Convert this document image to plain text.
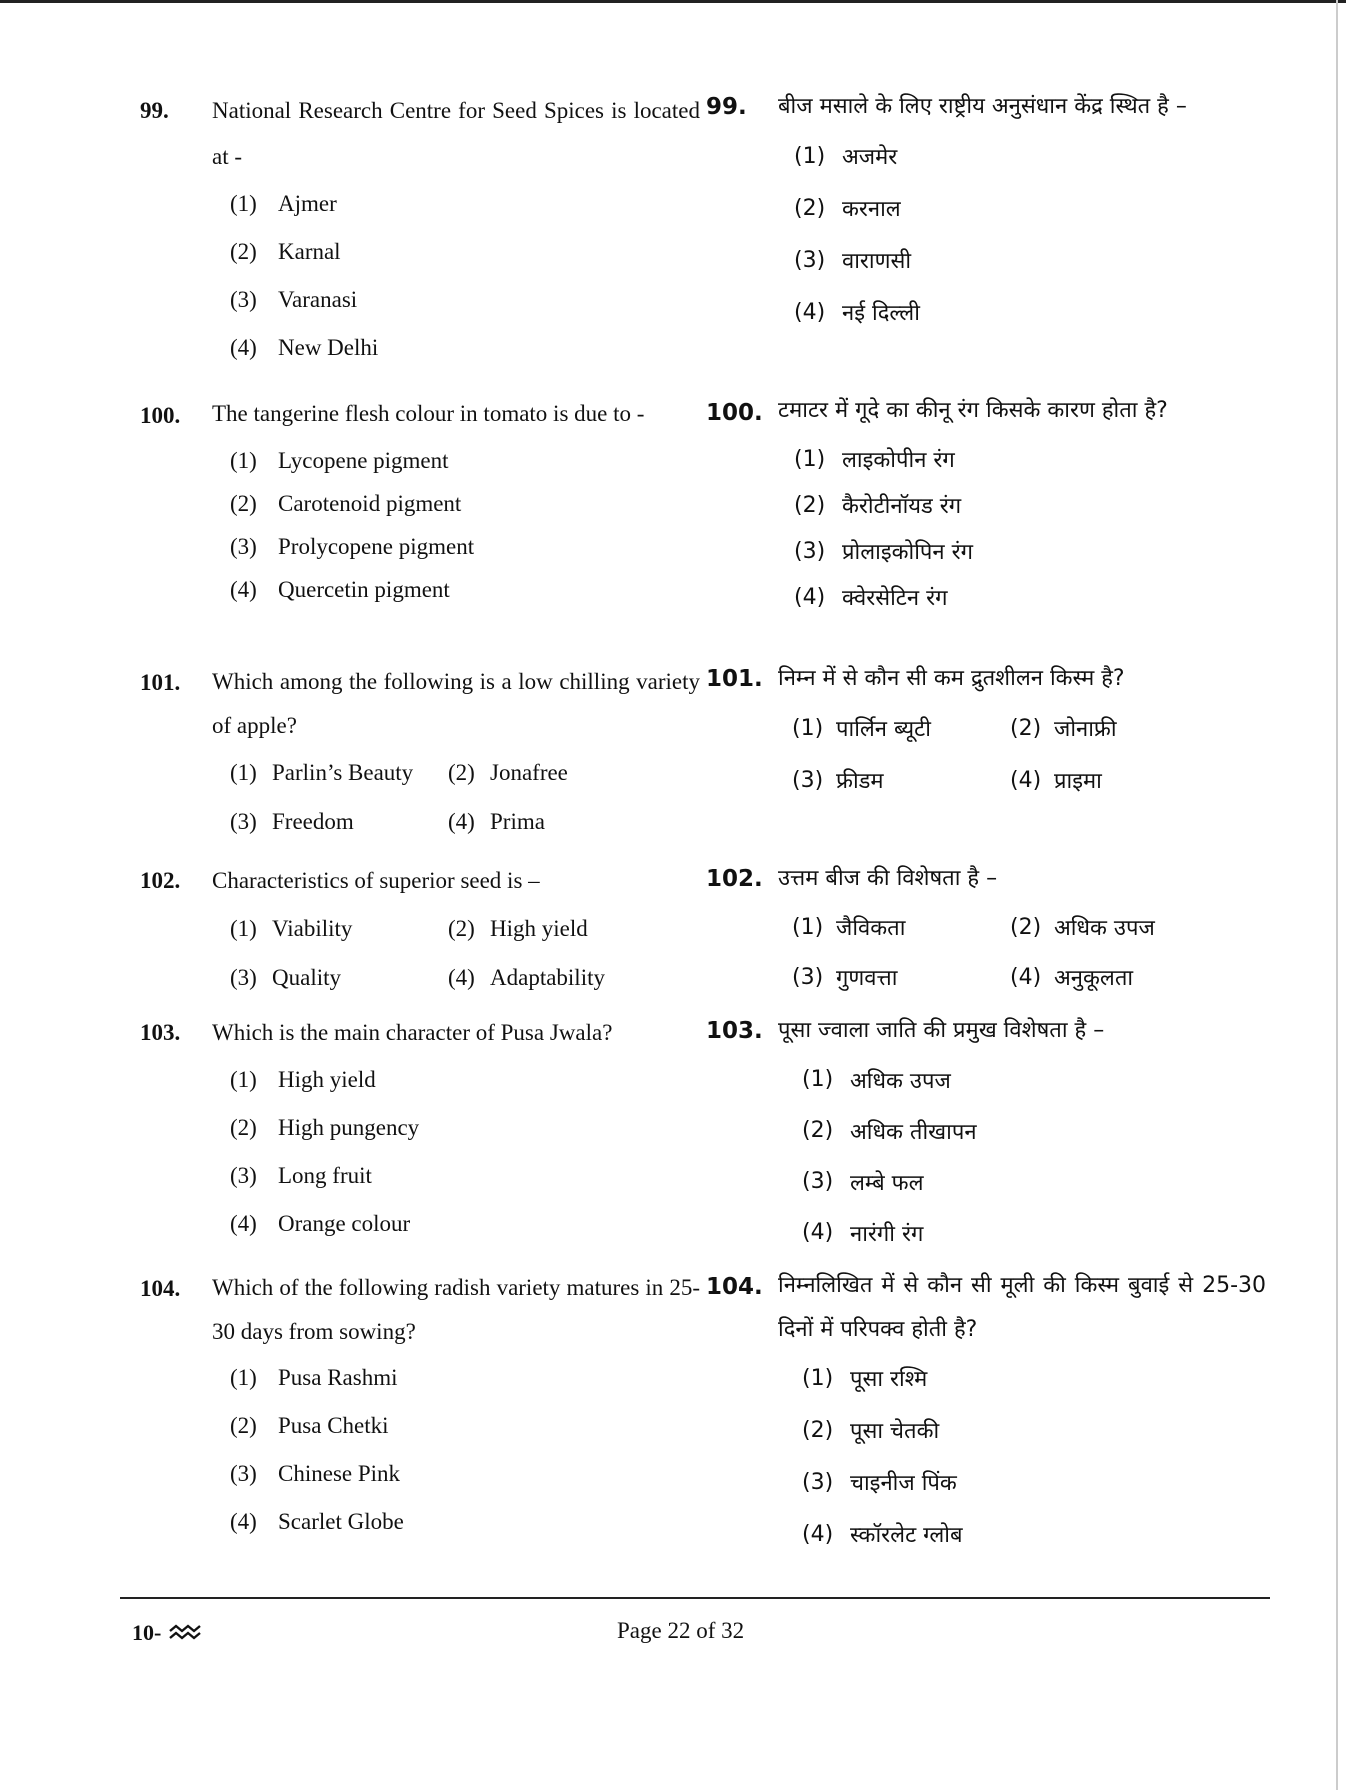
99.	National Research Centre for Seed Spices is located at -
(1) Ajmer
(2) Karnal
(3) Varanasi
(4) New Delhi
100.	The tangerine flesh colour in tomato is due to -
(1) Lycopene pigment
(2) Carotenoid pigment
(3) Prolycopene pigment
(4) Quercetin pigment
101.	Which among the following is a low chilling variety of apple?
(1) Parlin’s Beauty (2) Jonafree
(3) Freedom	(4) Prima
102.	Characteristics of superior seed is –
(1) Viability	(2) High yield
(3) Quality	(4) Adaptability
103.	Which is the main character of Pusa Jwala?
(1) High yield
(2) High pungency
(3) Long fruit
(4) Orange colour
104.	Which of the following radish variety matures in 25-30 days from sowing?
(1) Pusa Rashmi
(2) Pusa Chetki
(3) Chinese Pink
(4) Scarlet Globe
99.	बीज मसाले के लिए राष्ट्रीय अनुसंधान केंद्र स्थित है –
(1) अजमेर
(2) करनाल
(3) वाराणसी
(4) नई दिल्ली
100. टमाटर में गूदे का कीनू रंग किसके कारण होता है?
(1) लाइकोपीन रंग
(2) कैरोटीनॉयड रंग
(3) प्रोलाइकोपिन रंग
(4) क्वेरसेटिन रंग
101. निम्न में से कौन सी कम द्रुतशीलन किस्म है?
(1) पार्लिन ब्यूटी	(2) जोनाफ्री
(3) फ्रीडम	(4) प्राइमा
102. उत्तम बीज की विशेषता है –
(1) जैविकता	(2) अधिक उपज
(3) गुणवत्ता	(4) अनुकूलता
103. पूसा ज्वाला जाति की प्रमुख विशेषता है –
(1) अधिक उपज
(2) अधिक तीखापन
(3) लम्बे फल
(4) नारंगी रंग
104. निम्नलिखित में से कौन सी मूली की किस्म बुवाई से 25-30 दिनों में परिपक्व होती है?
(1) पूसा रश्मि
(2) पूसा चेतकी
(3) चाइनीज पिंक
(4) स्कॉरलेट ग्लोब
10-	Page 22 of 32
